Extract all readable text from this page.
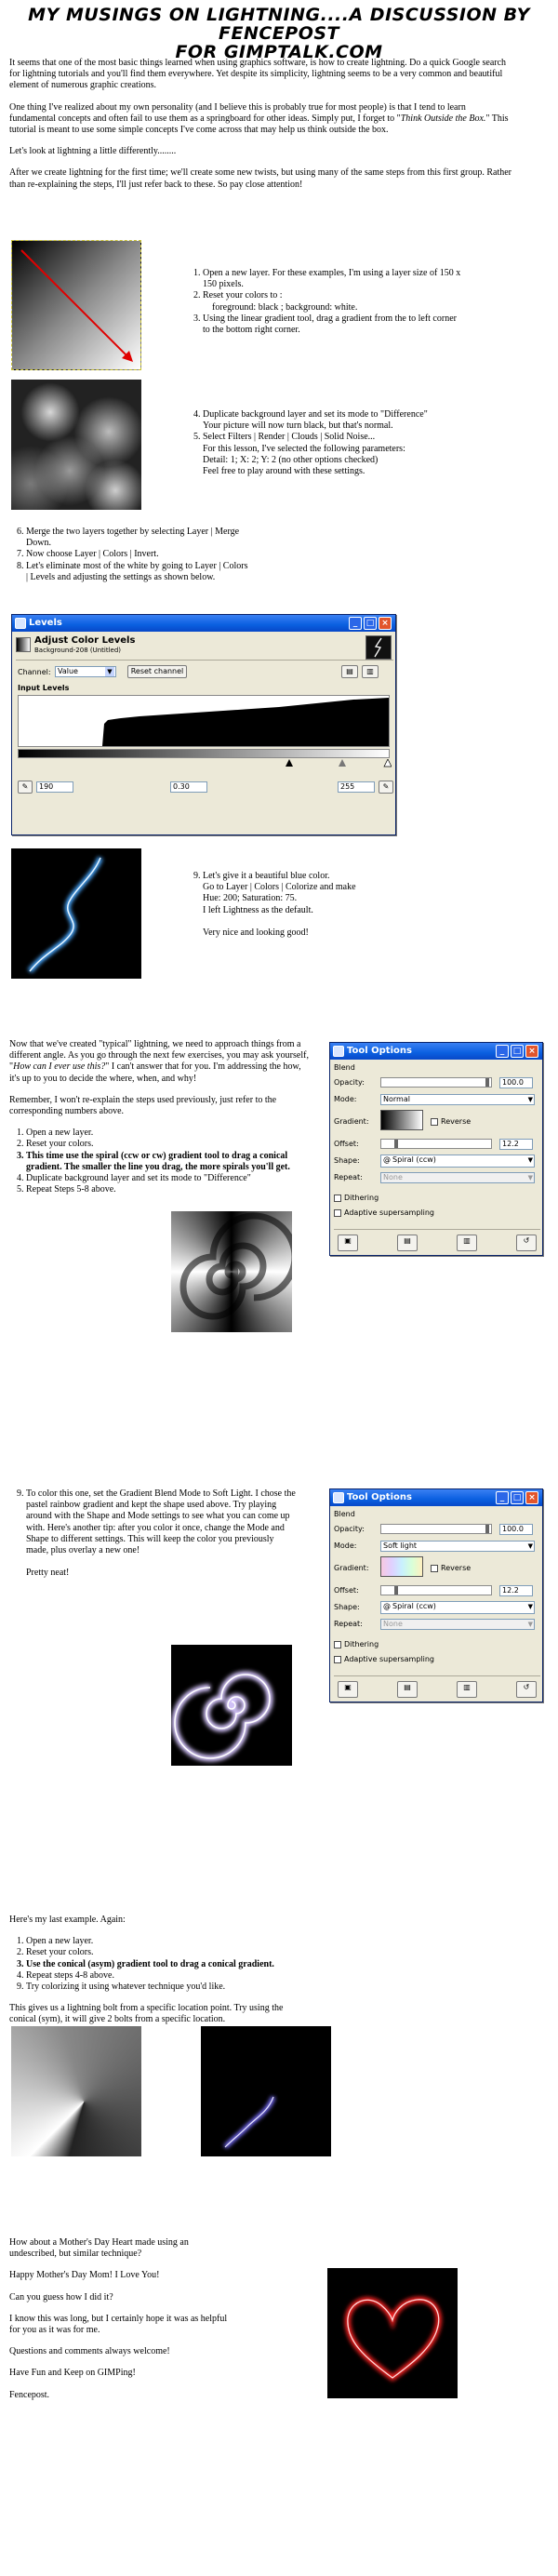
MY MUSINGS ON LIGHTNING....A DISCUSSION BY FENCEPOST
FOR GIMPTALK.COM

It seems that one of the most basic things learned when using graphics software, is how to create lightning. Do a quick Google search for lightning tutorials and you'll find them everywhere. Yet despite its simplicity, lightning seems to be a very common and beautiful element of numerous graphic creations.

One thing I've realized about my own personality (and I believe this is probably true for most people) is that I tend to learn fundamental concepts and often fail to use them as a springboard for other ideas. Simply put, I forget to "Think Outside the Box." This tutorial is meant to use some simple concepts I've come across that may help us think outside the box.

Let's look at lightning a little differently........

After we create lightning for the first time; we'll create some new twists, but using many of the same steps from this first group. Rather than re-explaining the steps, I'll just refer back to these. So pay close attention!

1. Open a new layer. For these examples, I'm using a layer size of 150 x 150 pixels.
2. Reset your colors to :
foreground: black ; background: white.
3. Using the linear gradient tool, drag a gradient from the to left corner to the bottom right corner.
4. Duplicate background layer and set its mode to "Difference"
Your picture will now turn black, but that's normal.
5. Select Filters | Render | Clouds | Solid Noise...
For this lesson, I've selected the following parameters:
Detail: 1; X: 2; Y: 2 (no other options checked)
Feel free to play around with these settings.
6. Merge the two layers together by selecting Layer | Merge Down.
7. Now choose Layer | Colors | Invert.
8. Let's eliminate most of the white by going to Layer | Colors | Levels and adjusting the settings as shown below.
Levels	_	□ ×
Adjust Color Levels
Background-208 (Untitled)
Channel: Value	▼	Reset channel	▤	▥
Input Levels
✎	190	0.30	255	✎
9. Let's give it a beautiful blue color.
Go to Layer | Colors | Colorize and make Hue: 200; Saturation: 75.
I left Lightness as the default.

Very nice and looking good!

Now that we've created "typical" lightning, we need to approach things from a different angle. As you go through the next few exercises, you may ask yourself, "How can I ever use this?" I can't answer that for you. I'm addressing the how, it's up to you to decide the where, when, and why!

Remember, I won't re-explain the steps used previously, just refer to the corresponding numbers above.

1. Open a new layer.
2. Reset your colors.
3. This time use the spiral (ccw or cw) gradient tool to drag a conical gradient. The smaller the line you drag, the more spirals you'll get.
4. Duplicate background layer and set its mode to "Difference"
5. Repeat Steps 5-8 above.
Tool Options	_	□ ×
Blend
Opacity:	100.0
Mode:	Normal	▼
Gradient:	Reverse
Offset:	12.2
Shape:	@ Spiral (ccw)	▼
Repeat:	None	▼
Dithering
Adaptive supersampling
▣	▤	▥	↺
9. To color this one, set the Gradient Blend Mode to Soft Light. I chose the pastel rainbow gradient and kept the shape used above. Try playing around with the Shape and Mode settings to see what you can come up with. Here's another tip: after you color it once, change the Mode and Shape to different settings. This will keep the color you previously made, plus overlay a new one!

Pretty neat!
Tool Options	_	□ ×
Blend
Opacity:	100.0
Mode:	Soft light	▼
Gradient:	Reverse
Offset:	12.2
Shape:	@ Spiral (ccw)	▼
Repeat:	None	▼
Dithering
Adaptive supersampling
▣	▤	▥	↺

Here's my last example. Again:

1. Open a new layer.
2. Reset your colors.
3. Use the conical (asym) gradient tool to drag a conical gradient.
4. Repeat steps 4-8 above.
9. Try colorizing it using whatever technique you'd like.

This gives us a lightning bolt from a specific location point. Try using the conical (sym), it will give 2 bolts from a specific location.

How about a Mother's Day Heart made using an undescribed, but similar technique?

Happy Mother's Day Mom! I Love You!

Can you guess how I did it?

I know this was long, but I certainly hope it was as helpful for you as it was for me.

Questions and comments always welcome!

Have Fun and Keep on GIMPing!

Fencepost.
